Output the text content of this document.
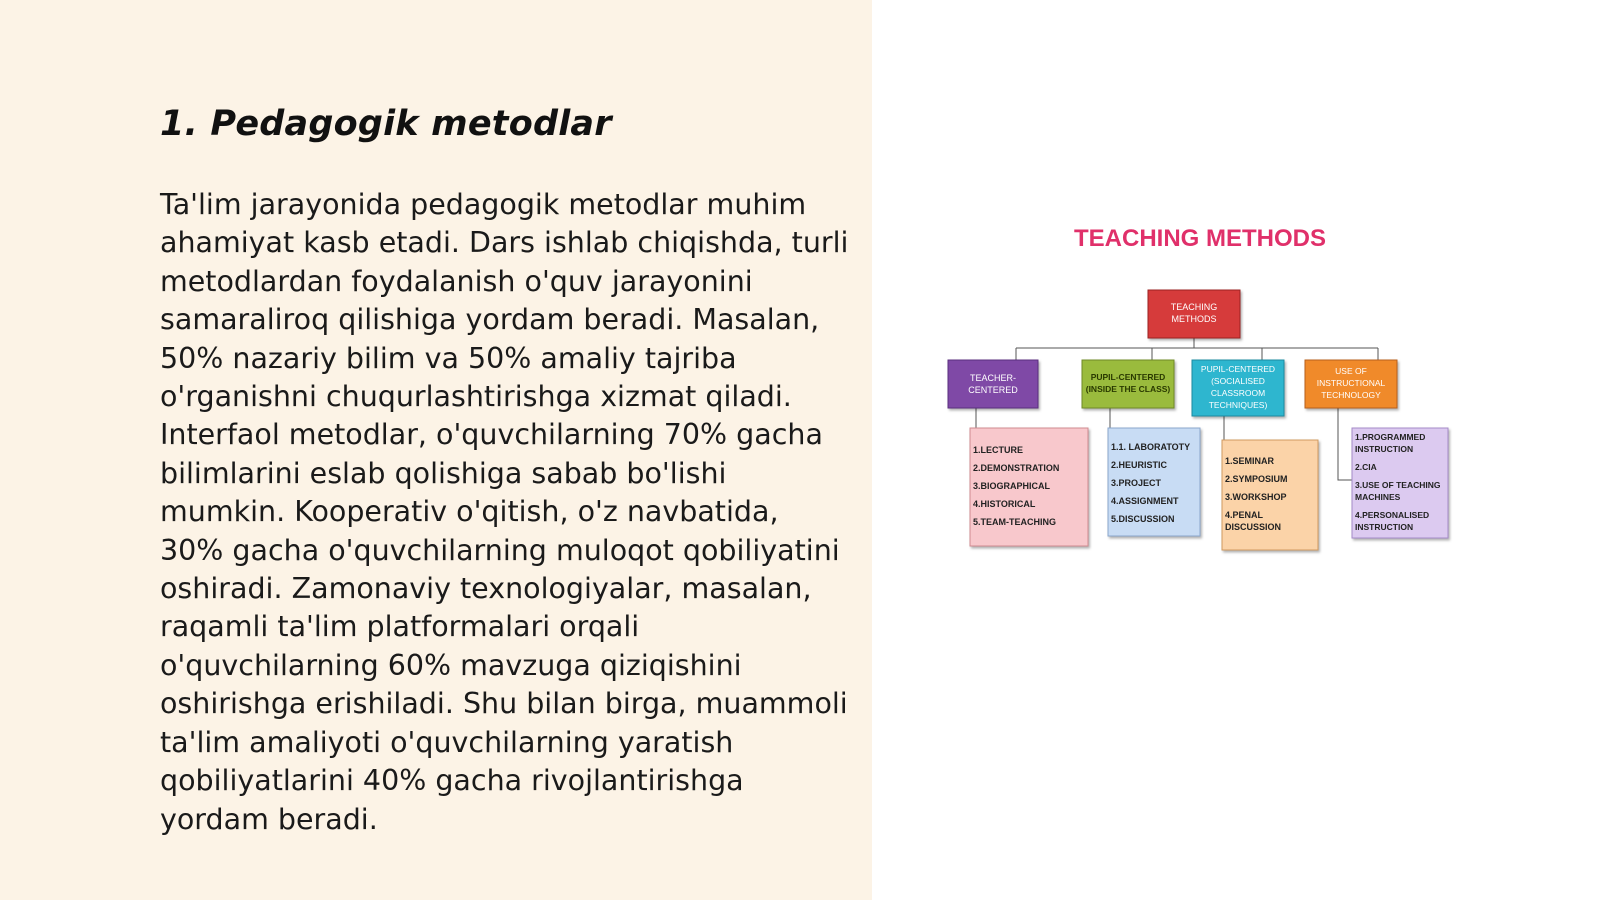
1. Pedagogik metodlar

Ta'lim jarayonida pedagogik metodlar muhim ahamiyat kasb etadi. Dars ishlab chiqishda, turli metodlardan foydalanish o'quv jarayonini samaraliroq qilishiga yordam beradi. Masalan, 50% nazariy bilim va 50% amaliy tajriba o'rganishni chuqurlashtirishga xizmat qiladi. Interfaol metodlar, o'quvchilarning 70% gacha bilimlarini eslab qolishiga sabab bo'lishi mumkin. Kooperativ o'qitish, o'z navbatida, 30% gacha o'quvchilarning muloqot qobiliyatini oshiradi. Zamonaviy texnologiyalar, masalan, raqamli ta'lim platformalari orqali o'quvchilarning 60% mavzuga qiziqishini oshirishga erishiladi. Shu bilan birga, muammoli ta'lim amaliyoti o'quvchilarning yaratish qobiliyatlarini 40% gacha rivojlantirishga yordam beradi.

TEACHING METHODS
TEACHING
METHODS
TEACHER-
CENTERED
PUPIL-CENTERED
(INSIDE THE CLASS)
PUPIL-CENTERED
(SOCIALISED
CLASSROOM
TECHNIQUES)
USE OF
INSTRUCTIONAL
TECHNOLOGY
1.LECTURE
2.DEMONSTRATION
3.BIOGRAPHICAL
4.HISTORICAL
5.TEAM-TEACHING
1.1. LABORATOTY
2.HEURISTIC
3.PROJECT
4.ASSIGNMENT
5.DISCUSSION
1.SEMINAR
2.SYMPOSIUM
3.WORKSHOP
4.PENAL
DISCUSSION
1.PROGRAMMED
INSTRUCTION
2.CIA
3.USE OF TEACHING
MACHINES
4.PERSONALISED
INSTRUCTION
